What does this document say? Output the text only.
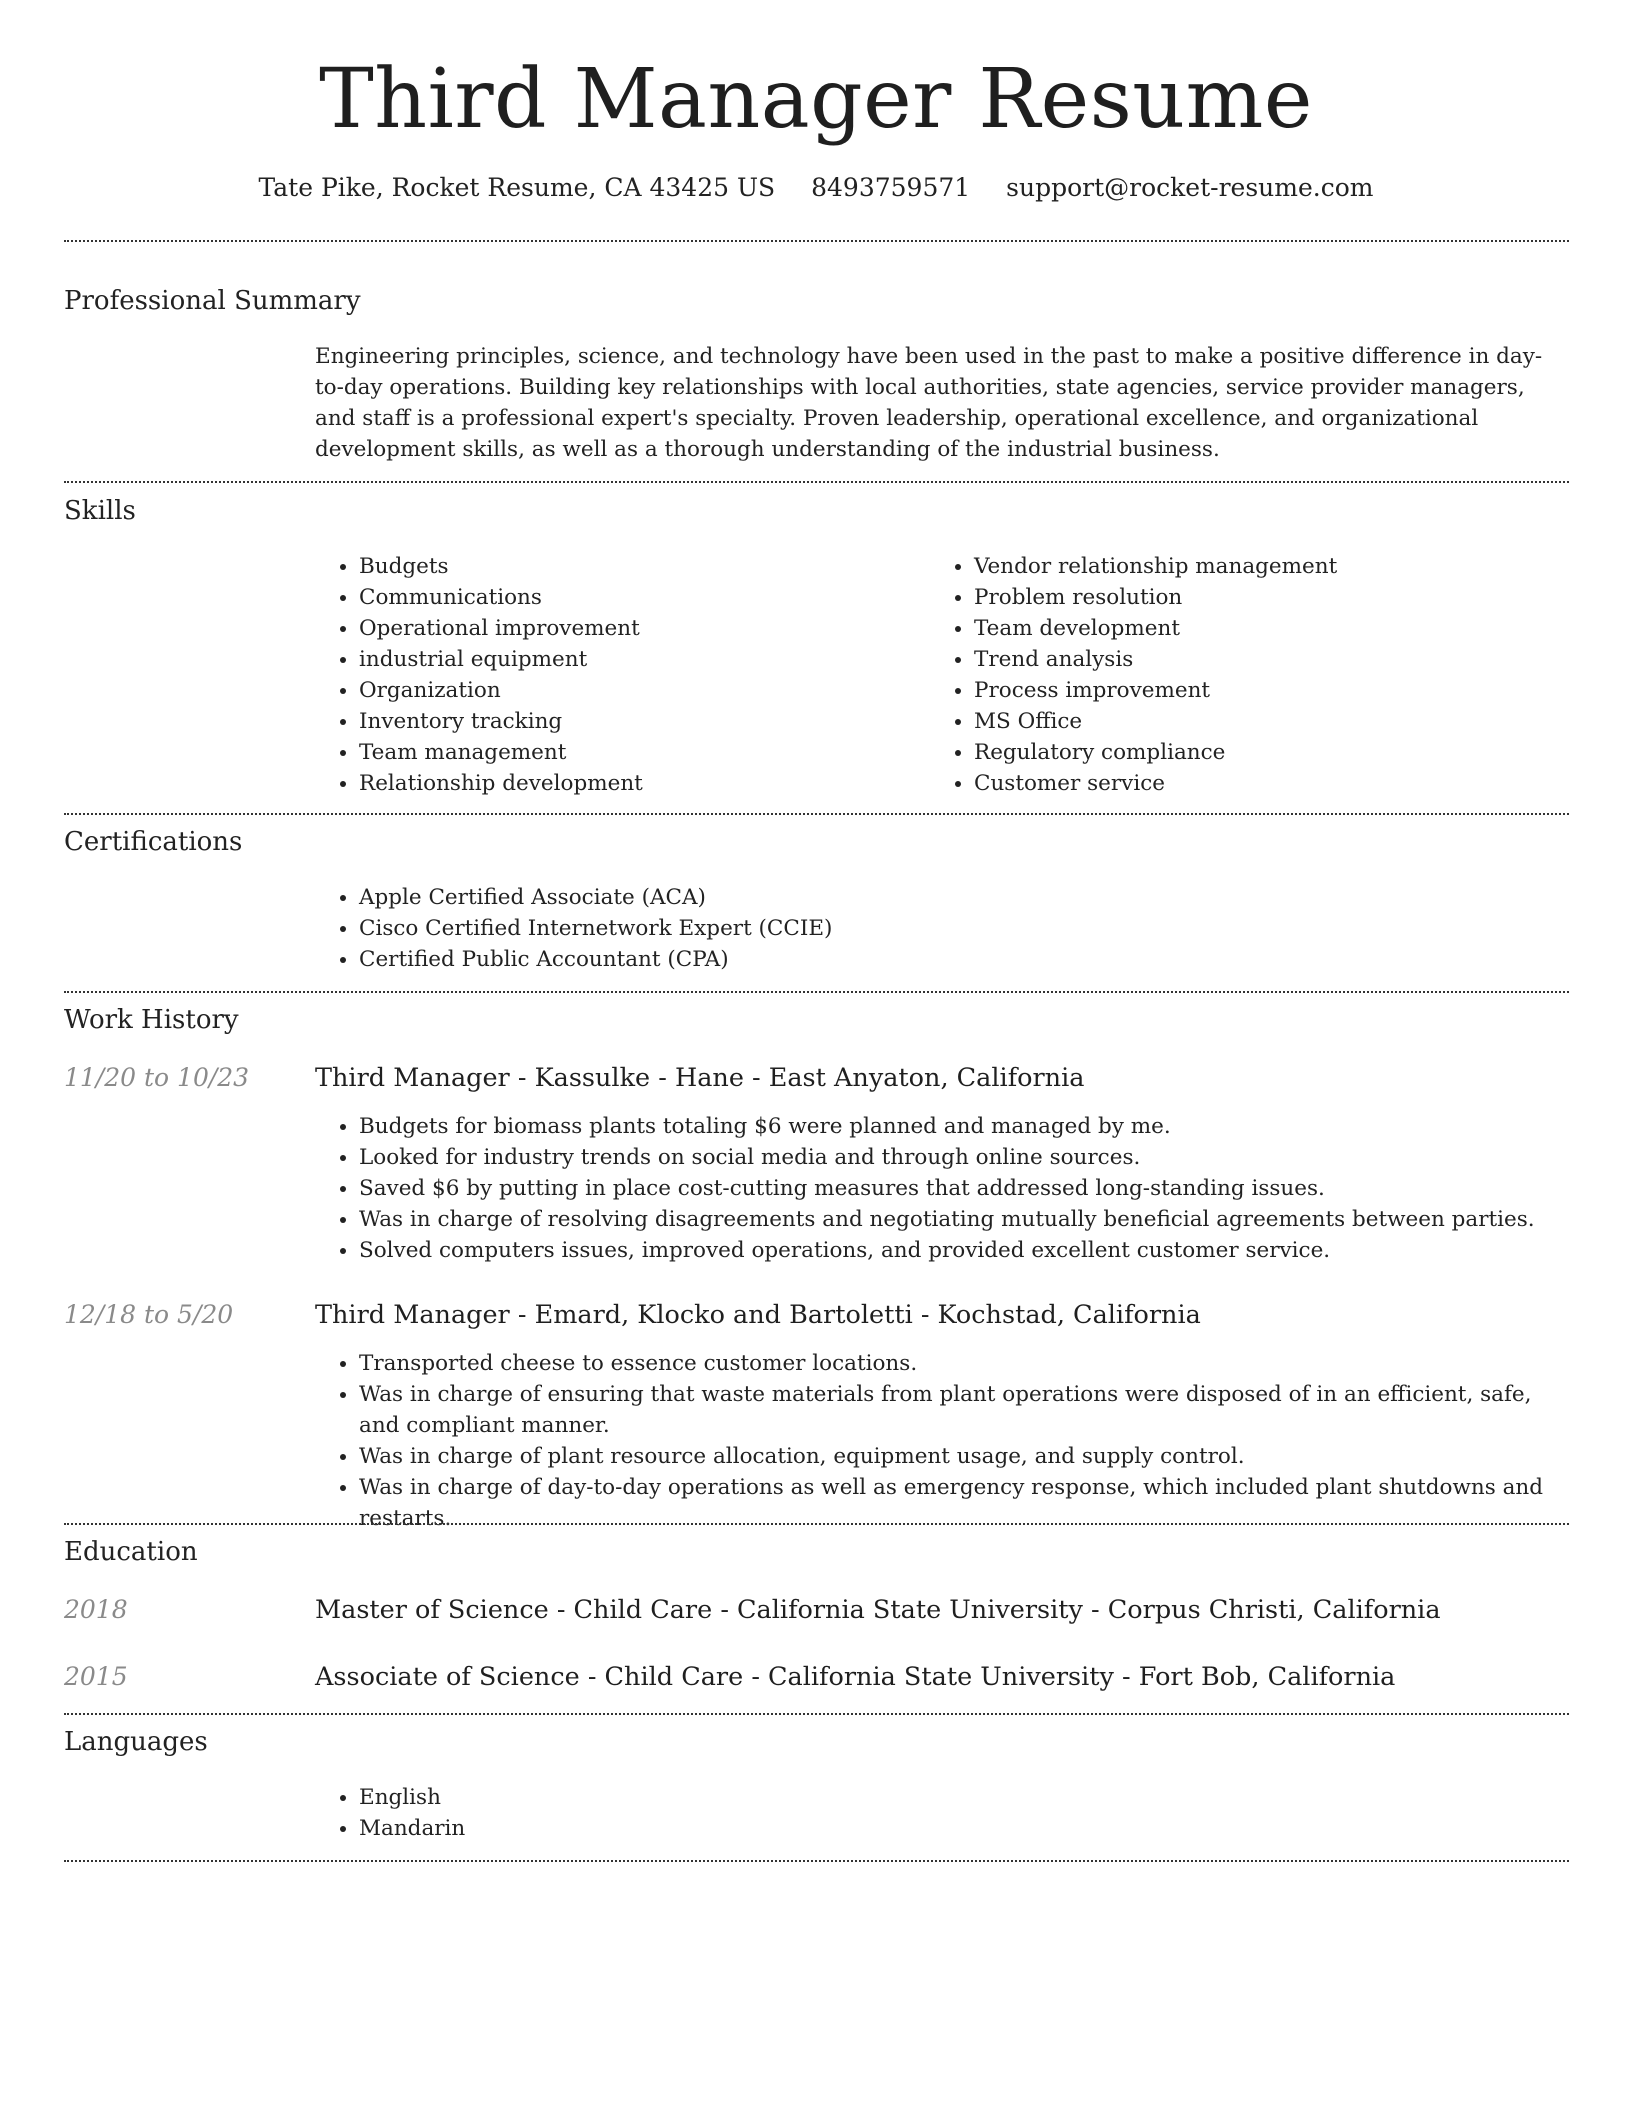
Third Manager Resume
Tate Pike, Rocket Resume, CA 43425 US 8493759571 support@rocket-resume.com
Professional Summary
Engineering principles, science, and technology have been used in the past to make a positive difference in day-to-day operations. Building key relationships with local authorities, state agencies, service provider managers, and staff is a professional expert's specialty. Proven leadership, operational excellence, and organizational development skills, as well as a thorough understanding of the industrial business.
Skills
• Budgets
• Communications
• Operational improvement
• industrial equipment
• Organization
• Inventory tracking
• Team management
• Relationship development
• Vendor relationship management
• Problem resolution
• Team development
• Trend analysis
• Process improvement
• MS Office
• Regulatory compliance
• Customer service
Certifications
• Apple Certified Associate (ACA)
• Cisco Certified Internetwork Expert (CCIE)
• Certified Public Accountant (CPA)
Work History
11/20 to 10/23	Third Manager - Kassulke - Hane - East Anyaton, California
• Budgets for biomass plants totaling $6 were planned and managed by me.
• Looked for industry trends on social media and through online sources.
• Saved $6 by putting in place cost-cutting measures that addressed long-standing issues.
• Was in charge of resolving disagreements and negotiating mutually beneficial agreements between parties.
• Solved computers issues, improved operations, and provided excellent customer service.
12/18 to 5/20	Third Manager - Emard, Klocko and Bartoletti - Kochstad, California
• Transported cheese to essence customer locations.
• Was in charge of ensuring that waste materials from plant operations were disposed of in an efficient, safe, and compliant manner.
• Was in charge of plant resource allocation, equipment usage, and supply control.
• Was in charge of day-to-day operations as well as emergency response, which included plant shutdowns and restarts.
Education
2018	Master of Science - Child Care - California State University - Corpus Christi, California
2015	Associate of Science - Child Care - California State University - Fort Bob, California
Languages
• English
• Mandarin
